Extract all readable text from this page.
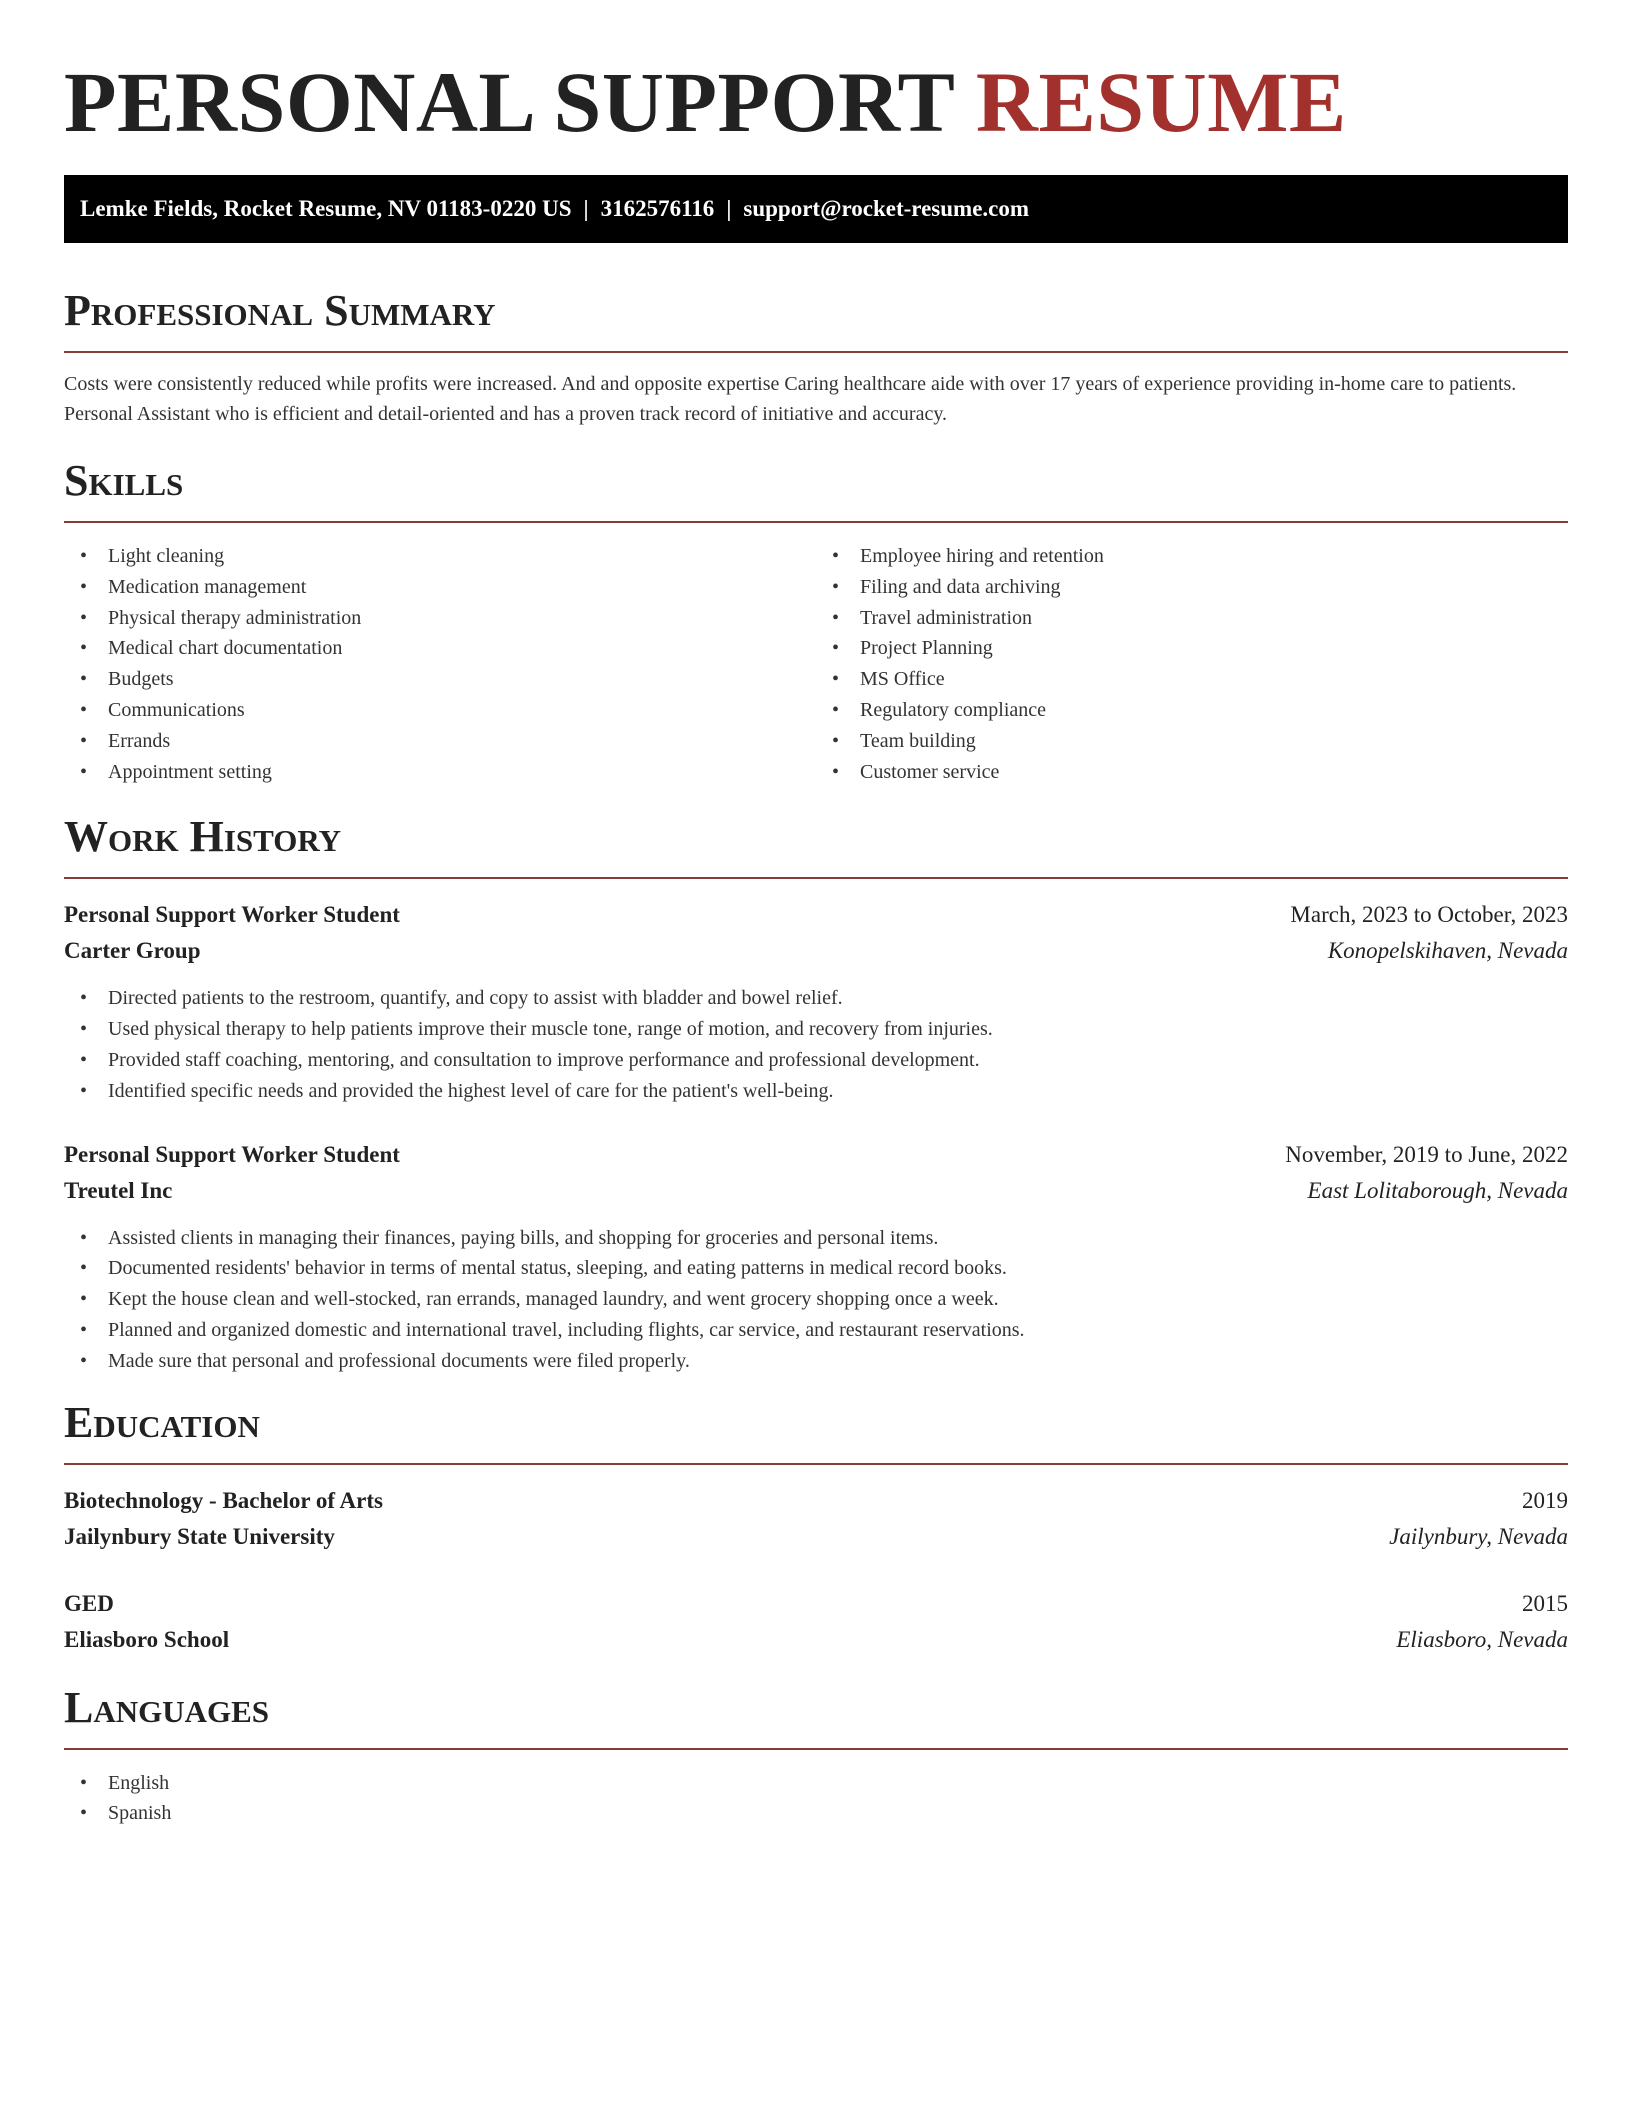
PERSONAL SUPPORT RESUME
Lemke Fields, Rocket Resume, NV 01183-0220 US | 3162576116 | support@rocket-resume.com
Professional Summary

Costs were consistently reduced while profits were increased. And and opposite expertise Caring healthcare aide with over 17 years of experience providing in-home care to patients. Personal Assistant who is efficient and detail-oriented and has a proven track record of initiative and accuracy.

Skills
• Light cleaning
• Medication management
• Physical therapy administration
• Medical chart documentation
• Budgets
• Communications
• Errands
• Appointment setting
• Employee hiring and retention
• Filing and data archiving
• Travel administration
• Project Planning
• MS Office
• Regulatory compliance
• Team building
• Customer service
Work History
Personal Support Worker Student	March, 2023 to October, 2023
Carter Group	Konopelskihaven, Nevada
• Directed patients to the restroom, quantify, and copy to assist with bladder and bowel relief.
• Used physical therapy to help patients improve their muscle tone, range of motion, and recovery from injuries.
• Provided staff coaching, mentoring, and consultation to improve performance and professional development.
• Identified specific needs and provided the highest level of care for the patient's well-being.
Personal Support Worker Student	November, 2019 to June, 2022
Treutel Inc	East Lolitaborough, Nevada
• Assisted clients in managing their finances, paying bills, and shopping for groceries and personal items.
• Documented residents' behavior in terms of mental status, sleeping, and eating patterns in medical record books.
• Kept the house clean and well-stocked, ran errands, managed laundry, and went grocery shopping once a week.
• Planned and organized domestic and international travel, including flights, car service, and restaurant reservations.
• Made sure that personal and professional documents were filed properly.
Education
Biotechnology - Bachelor of Arts	2019
Jailynbury State University	Jailynbury, Nevada
GED	2015
Eliasboro School	Eliasboro, Nevada
Languages
• English
• Spanish
